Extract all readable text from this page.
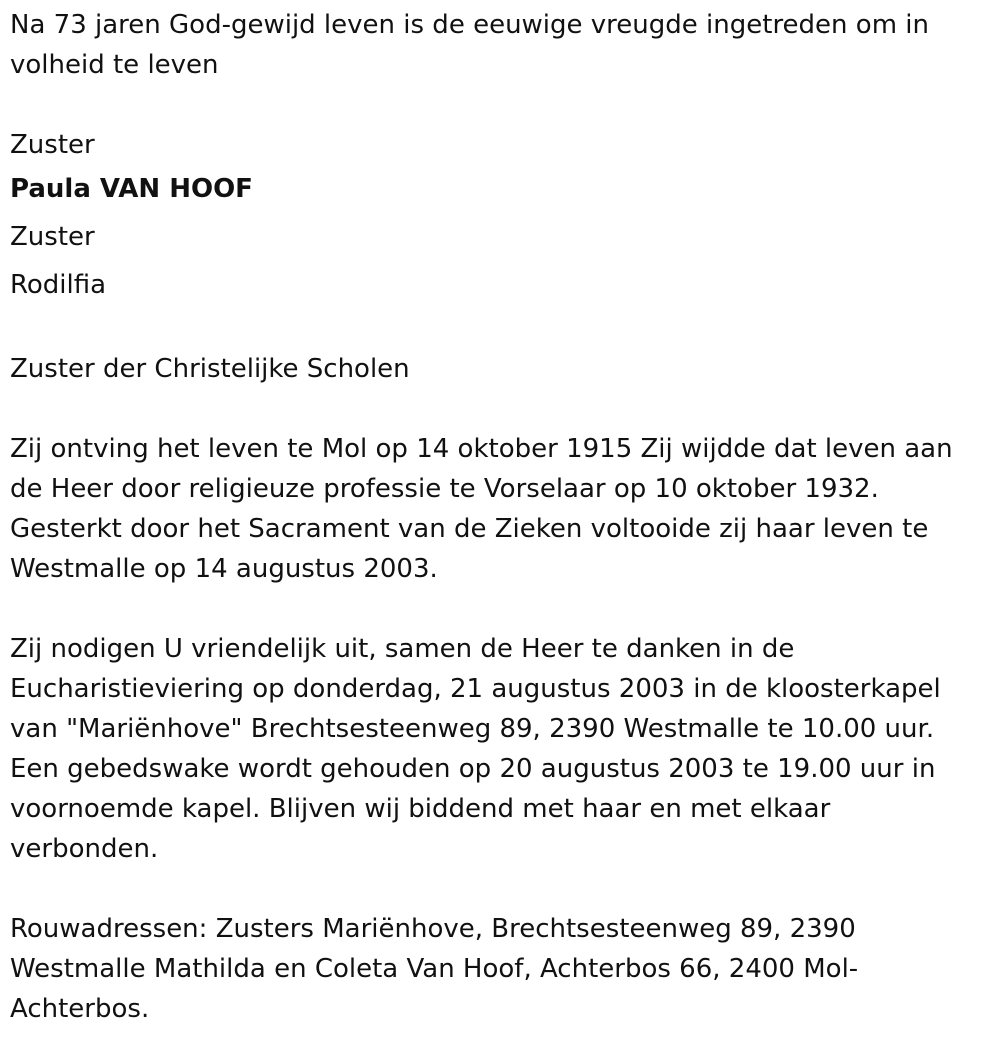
Na 73 jaren God-gewijd leven is de eeuwige vreugde ingetreden om in volheid te leven

Zuster

Paula VAN HOOF

Zuster

Rodilfia

Zuster der Christelijke Scholen

Zij ontving het leven te Mol op 14 oktober 1915 Zij wijdde dat leven aan de Heer door religieuze professie te Vorselaar op 10 oktober 1932. Gesterkt door het Sacrament van de Zieken voltooide zij haar leven te Westmalle op 14 augustus 2003.

Zij nodigen U vriendelijk uit, samen de Heer te danken in de Eucharistieviering op donderdag, 21 augustus 2003 in de kloosterkapel van "Mariënhove" Brechtsesteenweg 89, 2390 Westmalle te 10.00 uur. Een gebedswake wordt gehouden op 20 augustus 2003 te 19.00 uur in voornoemde kapel. Blijven wij biddend met haar en met elkaar verbonden.

Rouwadressen: Zusters Mariënhove, Brechtsesteenweg 89, 2390 Westmalle Mathilda en Coleta Van Hoof, Achterbos 66, 2400 Mol-Achterbos.
